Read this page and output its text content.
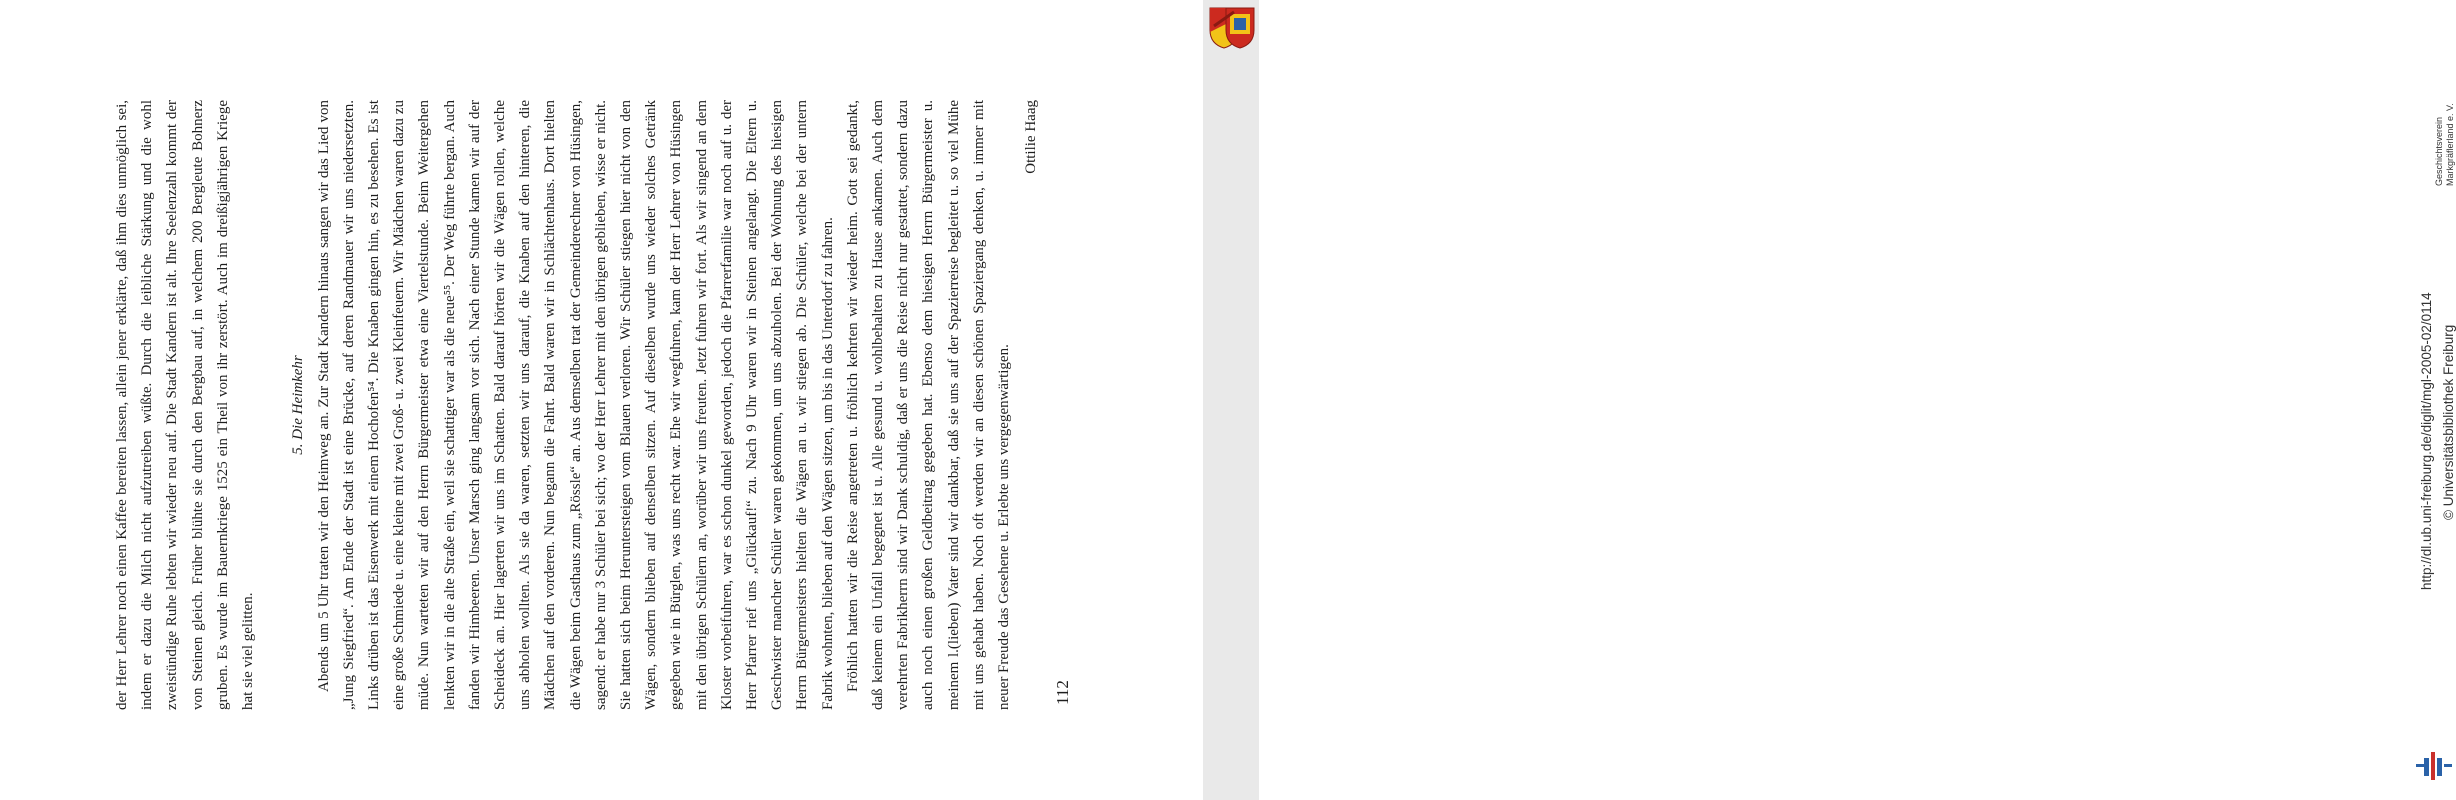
der Herr Lehrer noch einen Kaffee bereiten lassen, allein jener erklärte, daß ihm dies unmöglich sei, indem er dazu die Milch nicht aufzutreiben wüßte. Durch die leibliche Stärkung und die wohl zweistündige Ruhe lebten wir wieder neu auf. Die Stadt Kandern ist alt. Ihre Seelenzahl kommt der von Steinen gleich. Früher blühte sie durch den Bergbau auf, in welchem 200 Bergleute Bohnerz gruben. Es wurde im Bauernkriege 1525 ein Theil von ihr zerstört. Auch im dreißigjährigen Kriege hat sie viel gelitten.

5. Die Heimkehr Abends um 5 Uhr traten wir den Heimweg an. Zur Stadt Kandern hinaus sangen wir das Lied von „Jung Siegfried“. Am Ende der Stadt ist eine Brücke, auf deren Randmauer wir uns niedersetzten. Links drüben ist das Eisenwerk mit einem Hochofen⁵⁴. Die Knaben gingen hin, es zu besehen. Es ist eine große Schmiede u. eine kleine mit zwei Groß- u. zwei Kleinfeuern. Wir Mädchen waren dazu zu müde. Nun warteten wir auf den Herrn Bürgermeister etwa eine Viertelstunde. Beim Weitergehen lenkten wir in die alte Straße ein, weil sie schattiger war als die neue⁵⁵. Der Weg führte bergan. Auch fanden wir Himbeeren. Unser Marsch ging langsam vor sich. Nach einer Stunde kamen wir auf der Scheideck an. Hier lagerten wir uns im Schatten. Bald darauf hörten wir die Wägen rollen, welche uns abholen wollten. Als sie da waren, setzten wir uns darauf, die Knaben auf den hinteren, die Mädchen auf den vorderen. Nun begann die Fahrt. Bald waren wir in Schlächtenhaus. Dort hielten die Wägen beim Gasthaus zum „Rössle“ an. Aus demselben trat der Gemeinderechner von Hüsingen, sagend: er habe nur 3 Schüler bei sich; wo der Herr Lehrer mit den übrigen geblieben, wisse er nicht. Sie hatten sich beim Heruntersteigen vom Blauen verloren. Wir Schüler stiegen hier nicht von den Wägen, sondern blieben auf denselben sitzen. Auf dieselben wurde uns wieder solches Getränk gegeben wie in Bürglen, was uns recht war. Ehe wir wegfuhren, kam der Herr Lehrer von Hüsingen mit den übrigen Schülern an, worüber wir uns freuten. Jetzt fuhren wir fort. Als wir singend an dem Kloster vorbeifuhren, war es schon dunkel geworden, jedoch die Pfarrerfamilie war noch auf u. der Herr Pfarrer rief uns „Glückauf!“ zu. Nach 9 Uhr waren wir in Steinen angelangt. Die Eltern u. Geschwister mancher Schüler waren gekommen, um uns abzuholen. Bei der Wohnung des hiesigen Herrn Bürgermeisters hielten die Wägen an u. wir stiegen ab. Die Schüler, welche bei der untern Fabrik wohnten, blieben auf den Wägen sitzen, um bis in das Unterdorf zu fahren. Fröhlich hatten wir die Reise angetreten u. fröhlich kehrten wir wieder heim. Gott sei gedankt, daß keinem ein Unfall begegnet ist u. Alle gesund u. wohlbehalten zu Hause ankamen. Auch dem verehrten Fabrikherrn sind wir Dank schuldig, daß er uns die Reise nicht nur gestattet, sondern dazu auch noch einen großen Geldbeitrag gegeben hat. Ebenso dem hiesigen Herrn Bürgermeister u. meinem l.(lieben) Vater sind wir dankbar, daß sie uns auf der Spazierreise begleitet u. so viel Mühe mit uns gehabt haben. Noch oft werden wir an diesen schönen Spaziergang denken, u. immer mit neuer Freude das Gesehene u. Erlebte uns vergegenwärtigen.

Ottilie Haag

112
Geschichtsverein Markgräflerland e. V.
http://dl.ub.uni-freiburg.de/diglit/mgl-2005-02/0114 © Universitätsbibliothek Freiburg
